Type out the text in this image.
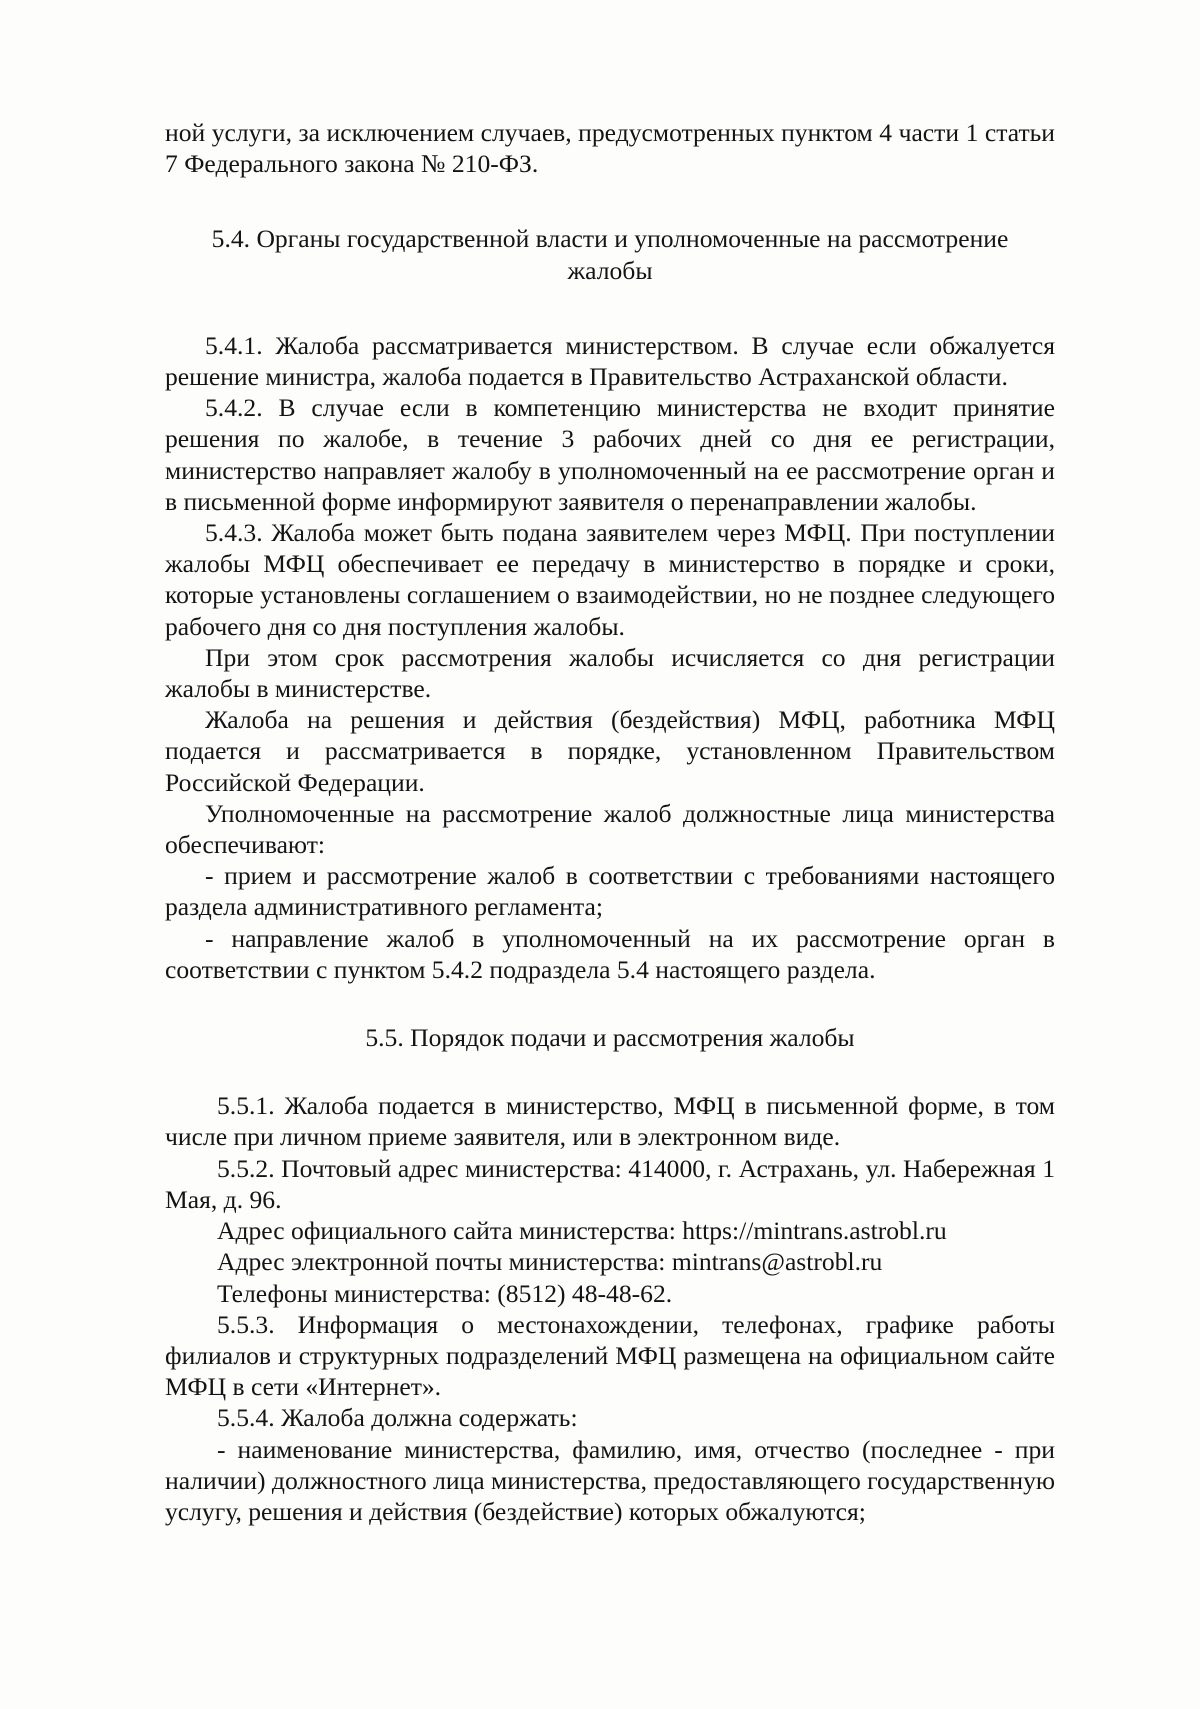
ной услуги, за исключением случаев, предусмотренных пунктом 4 части 1 статьи 7 Федерального закона № 210-ФЗ.

5.4. Органы государственной власти и уполномоченные на рассмотрение жалобы

5.4.1. Жалоба рассматривается министерством. В случае если обжалуется решение министра, жалоба подается в Правительство Астраханской области.

5.4.2. В случае если в компетенцию министерства не входит принятие решения по жалобе, в течение 3 рабочих дней со дня ее регистрации, министерство направляет жалобу в уполномоченный на ее рассмотрение орган и в письменной форме информируют заявителя о перенаправлении жалобы.

5.4.3. Жалоба может быть подана заявителем через МФЦ. При поступлении жалобы МФЦ обеспечивает ее передачу в министерство в порядке и сроки, которые установлены соглашением о взаимодействии, но не позднее следующего рабочего дня со дня поступления жалобы.

При этом срок рассмотрения жалобы исчисляется со дня регистрации жалобы в министерстве.

Жалоба на решения и действия (бездействия) МФЦ, работника МФЦ подается и рассматривается в порядке, установленном Правительством Российской Федерации.

Уполномоченные на рассмотрение жалоб должностные лица министерства обеспечивают:

- прием и рассмотрение жалоб в соответствии с требованиями настоящего раздела административного регламента;

- направление жалоб в уполномоченный на их рассмотрение орган в соответствии с пунктом 5.4.2 подраздела 5.4 настоящего раздела.

5.5. Порядок подачи и рассмотрения жалобы

5.5.1. Жалоба подается в министерство, МФЦ в письменной форме, в том числе при личном приеме заявителя, или в электронном виде.

5.5.2. Почтовый адрес министерства: 414000, г. Астрахань, ул. Набережная 1 Мая, д. 96.

Адрес официального сайта министерства: https://mintrans.astrobl.ru

Адрес электронной почты министерства: mintrans@astrobl.ru

Телефоны министерства: (8512) 48-48-62.

5.5.3. Информация о местонахождении, телефонах, графике работы филиалов и структурных подразделений МФЦ размещена на официальном сайте МФЦ в сети «Интернет».

5.5.4. Жалоба должна содержать:

- наименование министерства, фамилию, имя, отчество (последнее - при наличии) должностного лица министерства, предоставляющего государственную услугу, решения и действия (бездействие) которых обжалуются;
